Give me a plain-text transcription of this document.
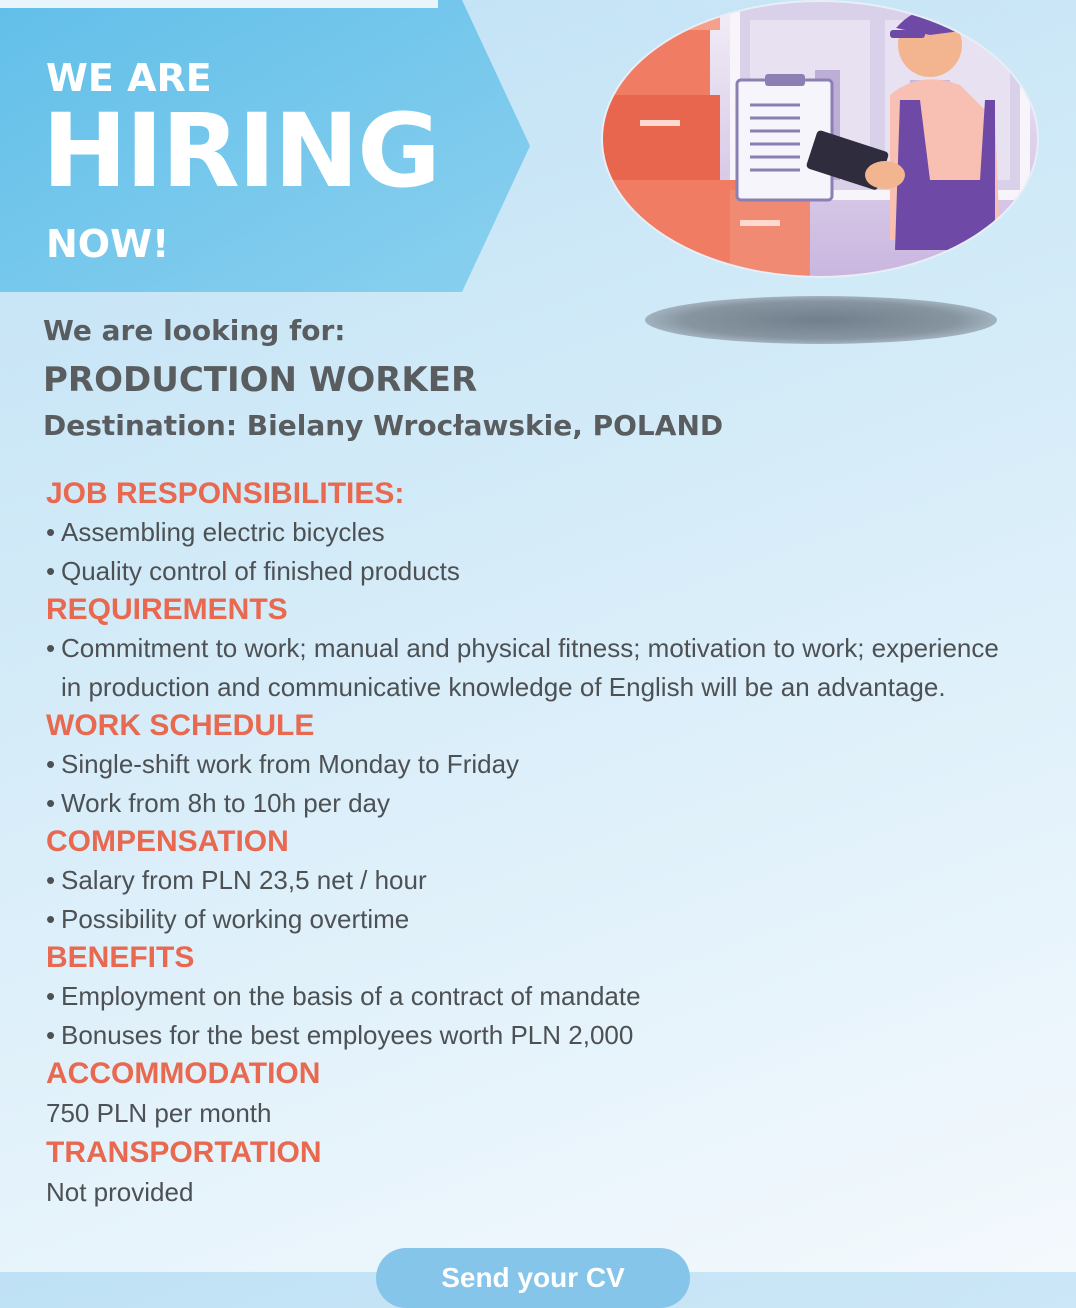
WE ARE
HIRING
NOW!
We are looking for:
PRODUCTION WORKER
Destination: Bielany Wrocławskie, POLAND
JOB RESPONSIBILITIES:
• Assembling electric bicycles
• Quality control of finished products
REQUIREMENTS
• Commitment to work; manual and physical fitness; motivation to work; experience in production and communicative knowledge of English will be an advantage.
WORK SCHEDULE
• Single-shift work from Monday to Friday
• Work from 8h to 10h per day
COMPENSATION
• Salary from PLN 23,5 net / hour
• Possibility of working overtime
BENEFITS
• Employment on the basis of a contract of mandate
• Bonuses for the best employees worth PLN 2,000
ACCOMMODATION
750 PLN per month
TRANSPORTATION
Not provided
Send your CV
